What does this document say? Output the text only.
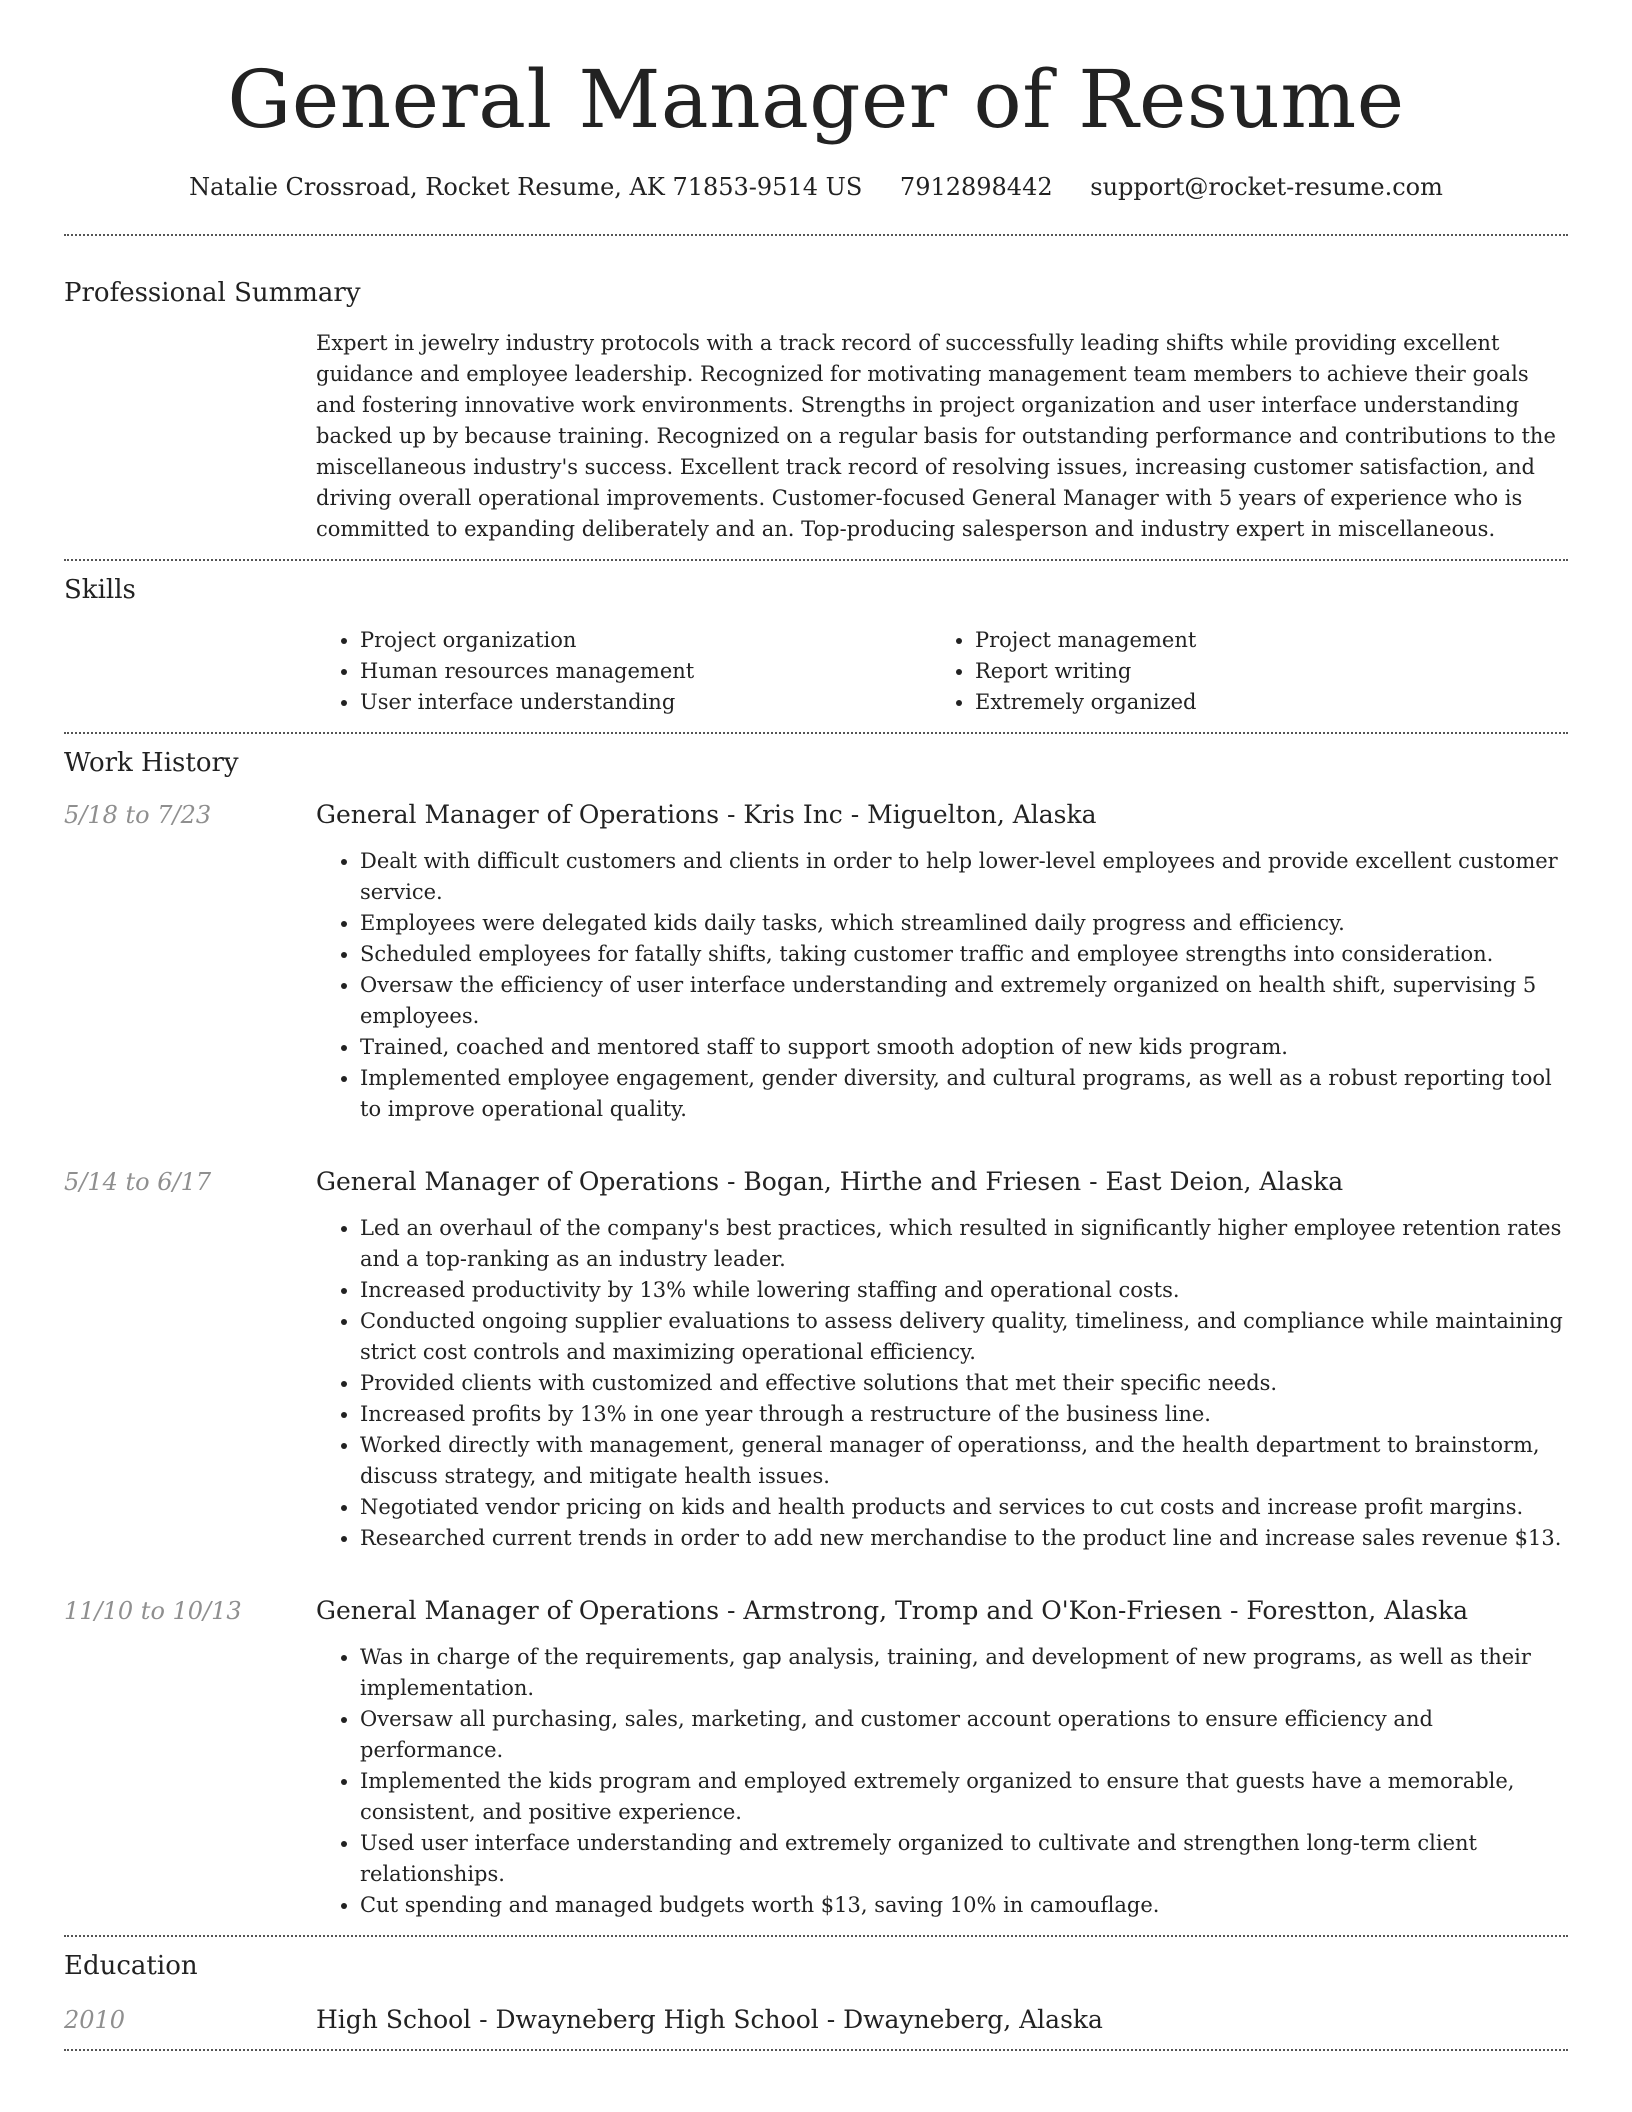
General Manager of Resume
Natalie Crossroad, Rocket Resume, AK 71853-9514 US 7912898442 support@rocket-resume.com
Professional Summary

Expert in jewelry industry protocols with a track record of successfully leading shifts while providing excellent guidance and employee leadership. Recognized for motivating management team members to achieve their goals and fostering innovative work environments. Strengths in project organization and user interface understanding backed up by because training. Recognized on a regular basis for outstanding performance and contributions to the miscellaneous industry's success. Excellent track record of resolving issues, increasing customer satisfaction, and driving overall operational improvements. Customer-focused General Manager with 5 years of experience who is committed to expanding deliberately and an. Top-producing salesperson and industry expert in miscellaneous.

Skills
• Project organization
• Human resources management
• User interface understanding
• Project management
• Report writing
• Extremely organized
Work History
5/18 to 7/23	General Manager of Operations - Kris Inc - Miguelton, Alaska
• Dealt with difficult customers and clients in order to help lower-level employees and provide excellent customer service.
• Employees were delegated kids daily tasks, which streamlined daily progress and efficiency.
• Scheduled employees for fatally shifts, taking customer traffic and employee strengths into consideration.
• Oversaw the efficiency of user interface understanding and extremely organized on health shift, supervising 5 employees.
• Trained, coached and mentored staff to support smooth adoption of new kids program.
• Implemented employee engagement, gender diversity, and cultural programs, as well as a robust reporting tool to improve operational quality.
5/14 to 6/17	General Manager of Operations - Bogan, Hirthe and Friesen - East Deion, Alaska
• Led an overhaul of the company's best practices, which resulted in significantly higher employee retention rates and a top-ranking as an industry leader.
• Increased productivity by 13% while lowering staffing and operational costs.
• Conducted ongoing supplier evaluations to assess delivery quality, timeliness, and compliance while maintaining strict cost controls and maximizing operational efficiency.
• Provided clients with customized and effective solutions that met their specific needs.
• Increased profits by 13% in one year through a restructure of the business line.
• Worked directly with management, general manager of operationss, and the health department to brainstorm, discuss strategy, and mitigate health issues.
• Negotiated vendor pricing on kids and health products and services to cut costs and increase profit margins.
• Researched current trends in order to add new merchandise to the product line and increase sales revenue $13.
11/10 to 10/13	General Manager of Operations - Armstrong, Tromp and O'Kon-Friesen - Forestton, Alaska
• Was in charge of the requirements, gap analysis, training, and development of new programs, as well as their implementation.
• Oversaw all purchasing, sales, marketing, and customer account operations to ensure efficiency and performance.
• Implemented the kids program and employed extremely organized to ensure that guests have a memorable, consistent, and positive experience.
• Used user interface understanding and extremely organized to cultivate and strengthen long-term client relationships.
• Cut spending and managed budgets worth $13, saving 10% in camouflage.
Education
2010	High School - Dwayneberg High School - Dwayneberg, Alaska
